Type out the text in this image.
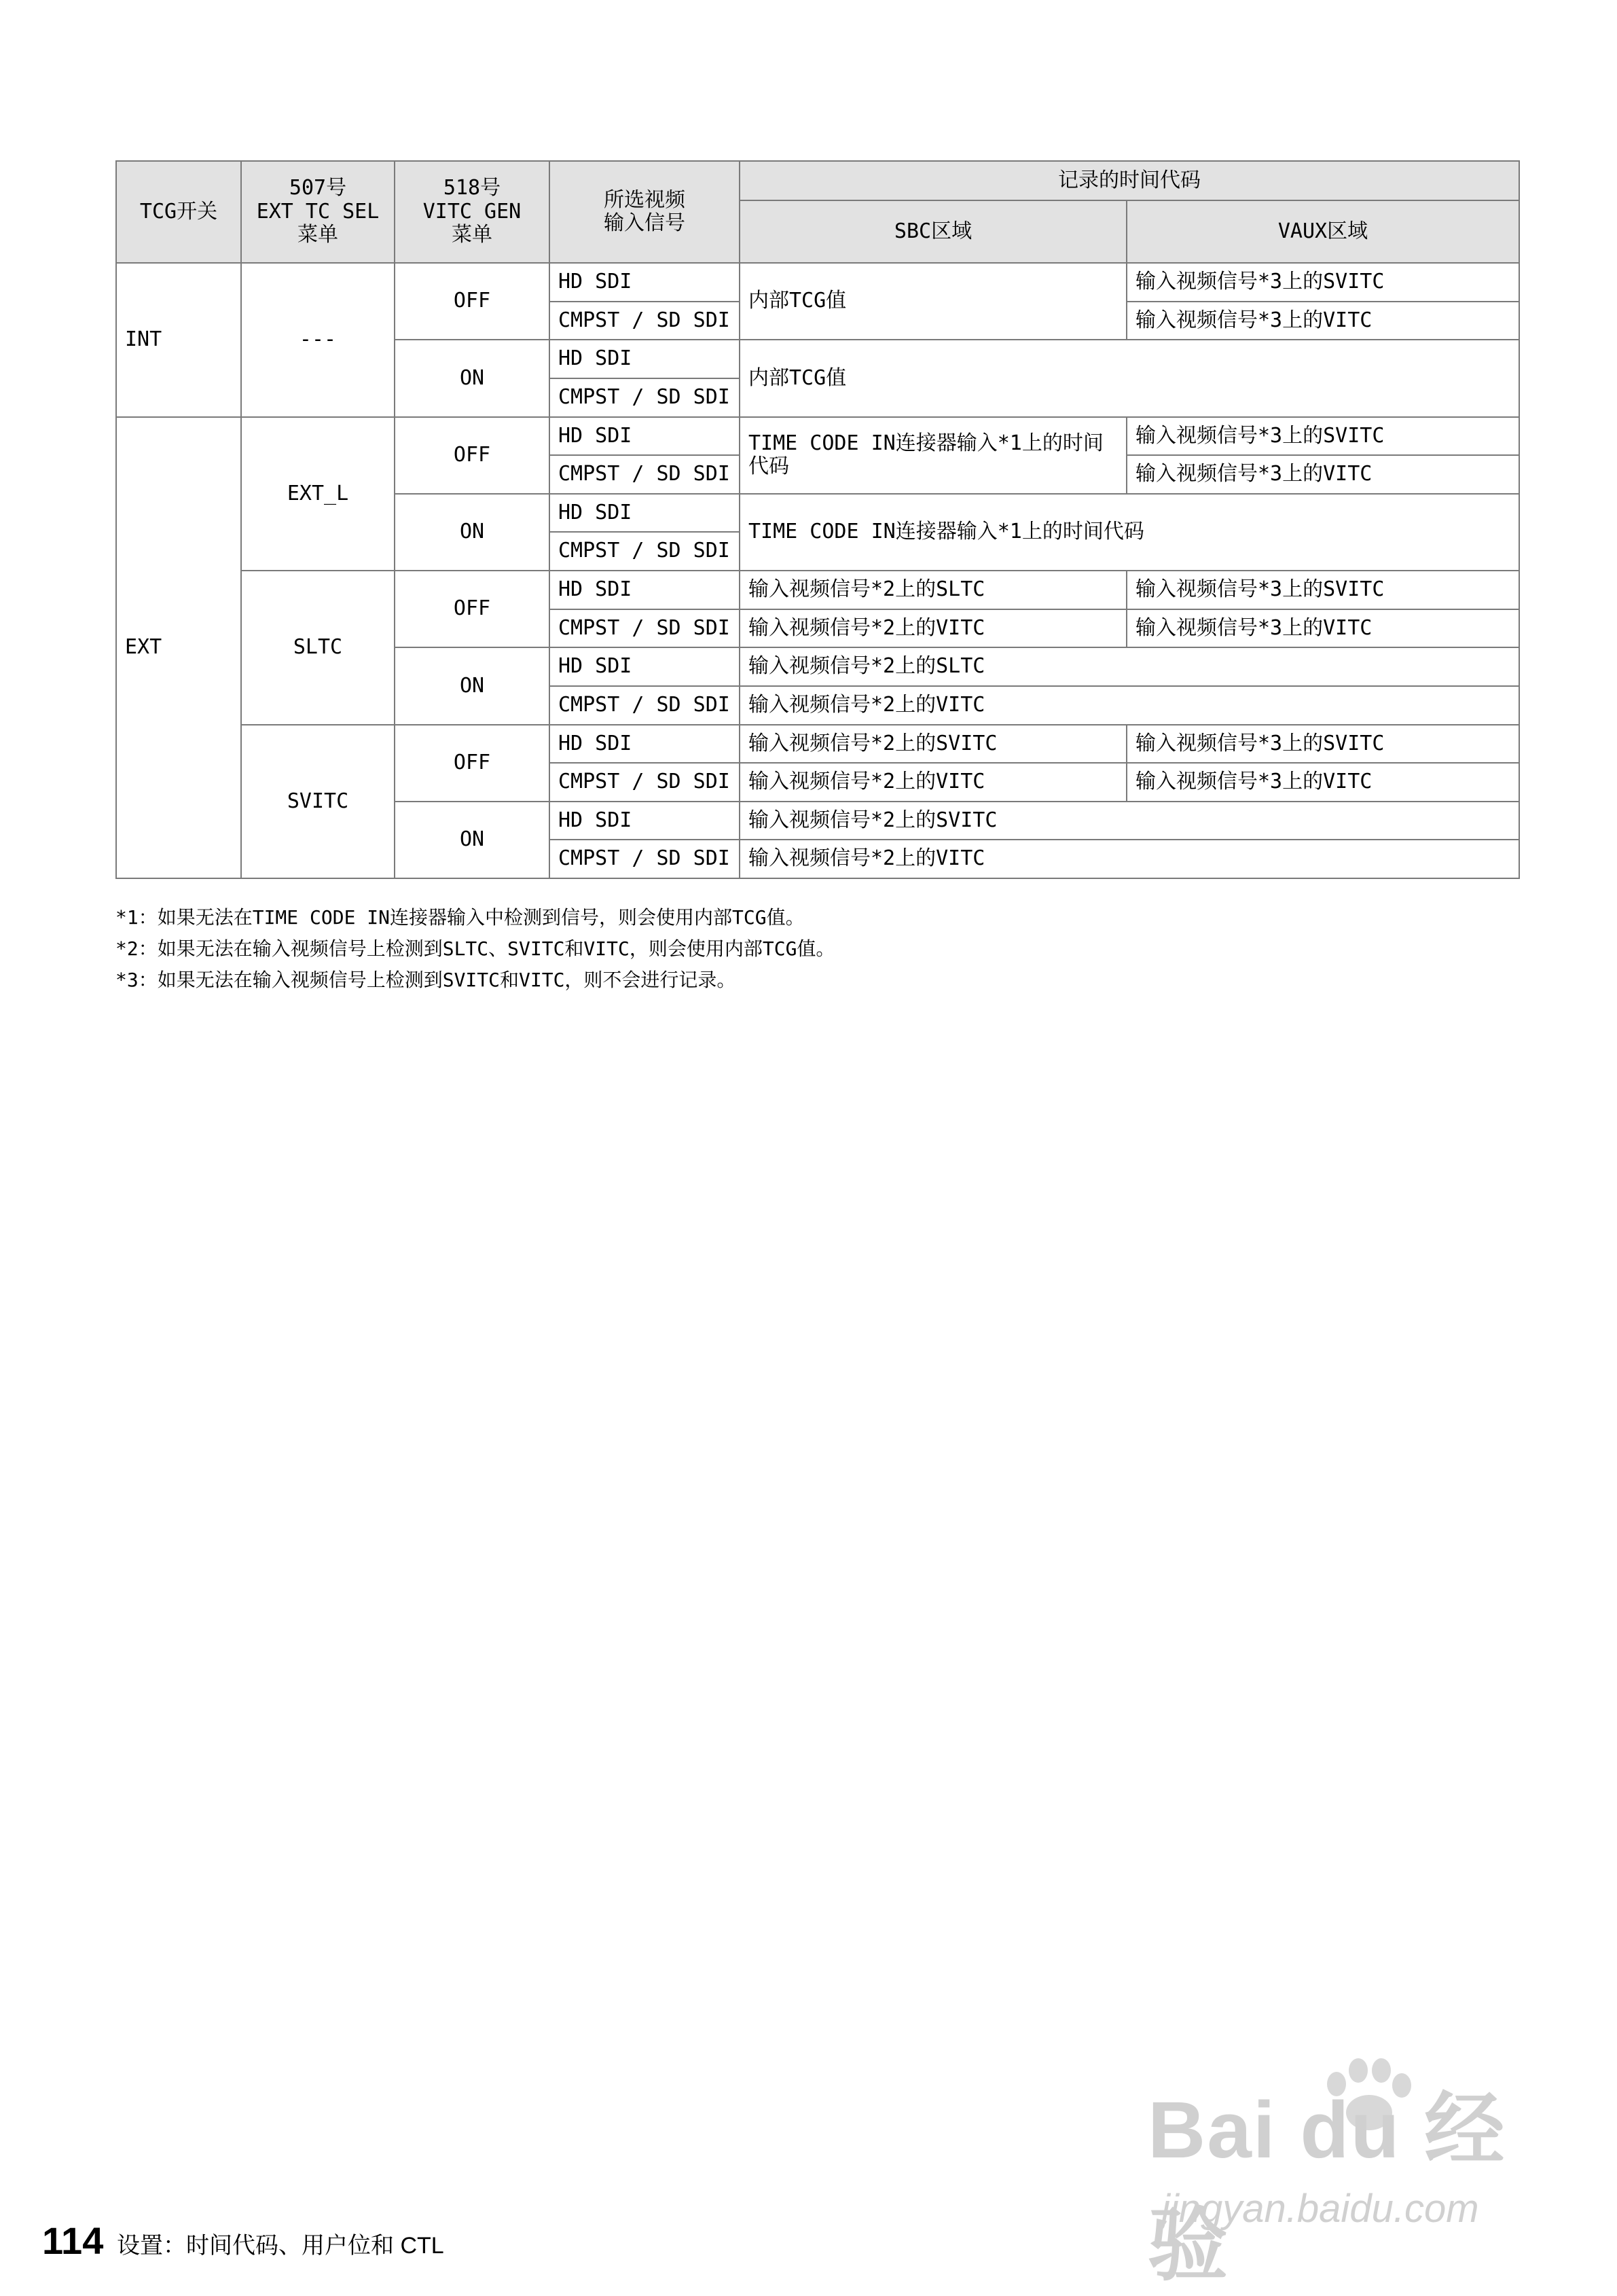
TCG开关	507号
EXT TC SEL
菜单	518号
VITC GEN
菜单	所选视频
输入信号	记录的时间代码	
				SBC区域	VAUX区域
INT	---	OFF	HD SDI	内部TCG值	输入视频信号*3上的SVITC
			CMPST / SD SDI		输入视频信号*3上的VITC
		ON	HD SDI	内部TCG值	
			CMPST / SD SDI		
EXT	EXT_L	OFF	HD SDI	TIME CODE IN连接器输入*1上的时间代码	输入视频信号*3上的SVITC
			CMPST / SD SDI		输入视频信号*3上的VITC
		ON	HD SDI	TIME CODE IN连接器输入*1上的时间代码	
			CMPST / SD SDI		
	SLTC	OFF	HD SDI	输入视频信号*2上的SLTC	输入视频信号*3上的SVITC
			CMPST / SD SDI	输入视频信号*2上的VITC	输入视频信号*3上的VITC
		ON	HD SDI	输入视频信号*2上的SLTC	
			CMPST / SD SDI	输入视频信号*2上的VITC	
	SVITC	OFF	HD SDI	输入视频信号*2上的SVITC	输入视频信号*3上的SVITC
			CMPST / SD SDI	输入视频信号*2上的VITC	输入视频信号*3上的VITC
		ON	HD SDI	输入视频信号*2上的SVITC	
			CMPST / SD SDI	输入视频信号*2上的VITC	
*1：如果无法在TIME CODE IN连接器输入中检测到信号，则会使用内部TCG值。
*2：如果无法在输入视频信号上检测到SLTC、SVITC和VITC，则会使用内部TCG值。
*3：如果无法在输入视频信号上检测到SVITC和VITC，则不会进行记录。
Bai du 经验
jingyan.baidu.com
114 设置：时间代码、用户位和 CTL
